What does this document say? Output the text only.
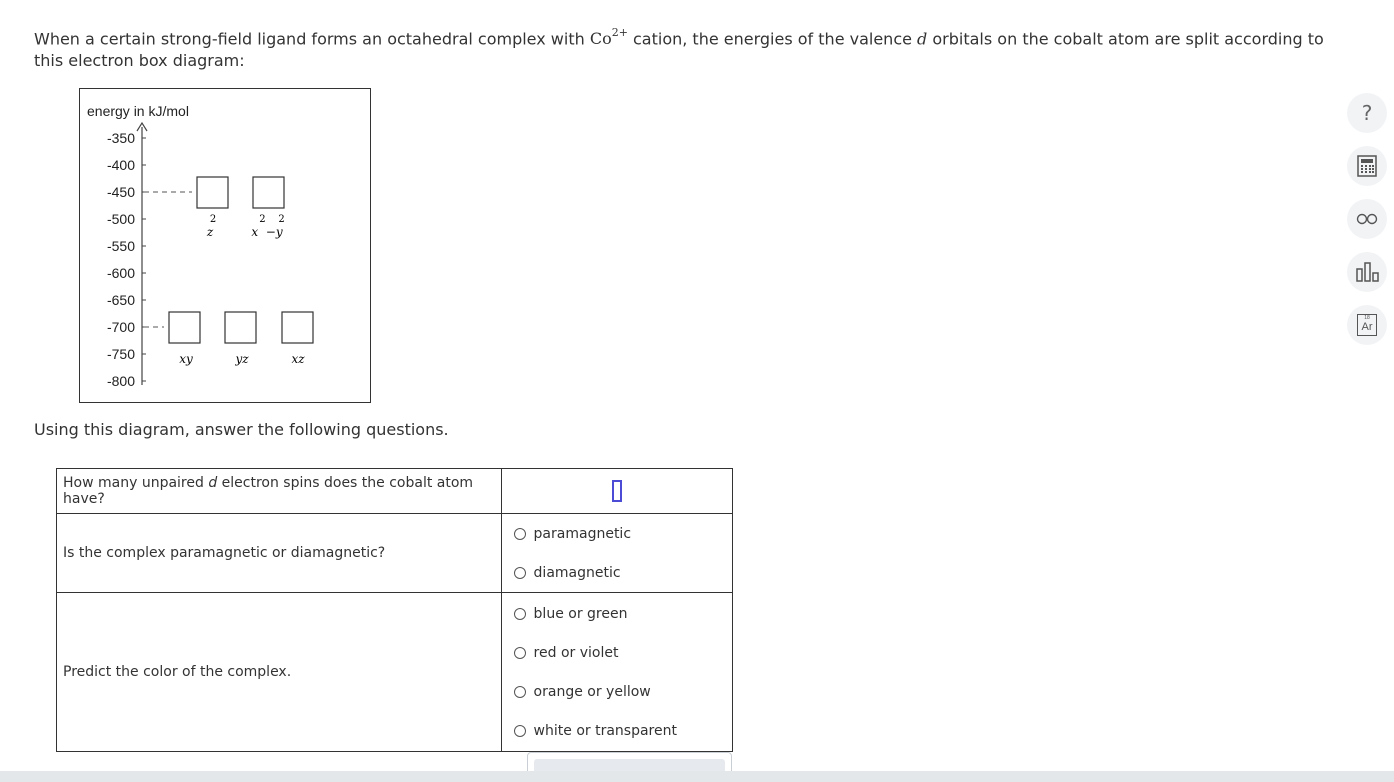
When a certain strong-field ligand forms an octahedral complex with $Co^{2+}$ cation, the energies of the valence d orbitals on the cobalt atom are split according to this electron box diagram:
energy in kJ/mol
-350
-400
-450
-500
-550
-600
-650
-700
-750
-800
2
z
2    2
x  −y
xy	yz	xz
Using this diagram, answer the following questions.
How many unpaired d electron spins does the cobalt atom have?	

Is the complex paramagnetic or diamagnetic?	paramagnetic
diamagnetic

Predict the color of the complex.	blue or green
red or violet
orange or yellow
white or transparent
?
18
Ar
